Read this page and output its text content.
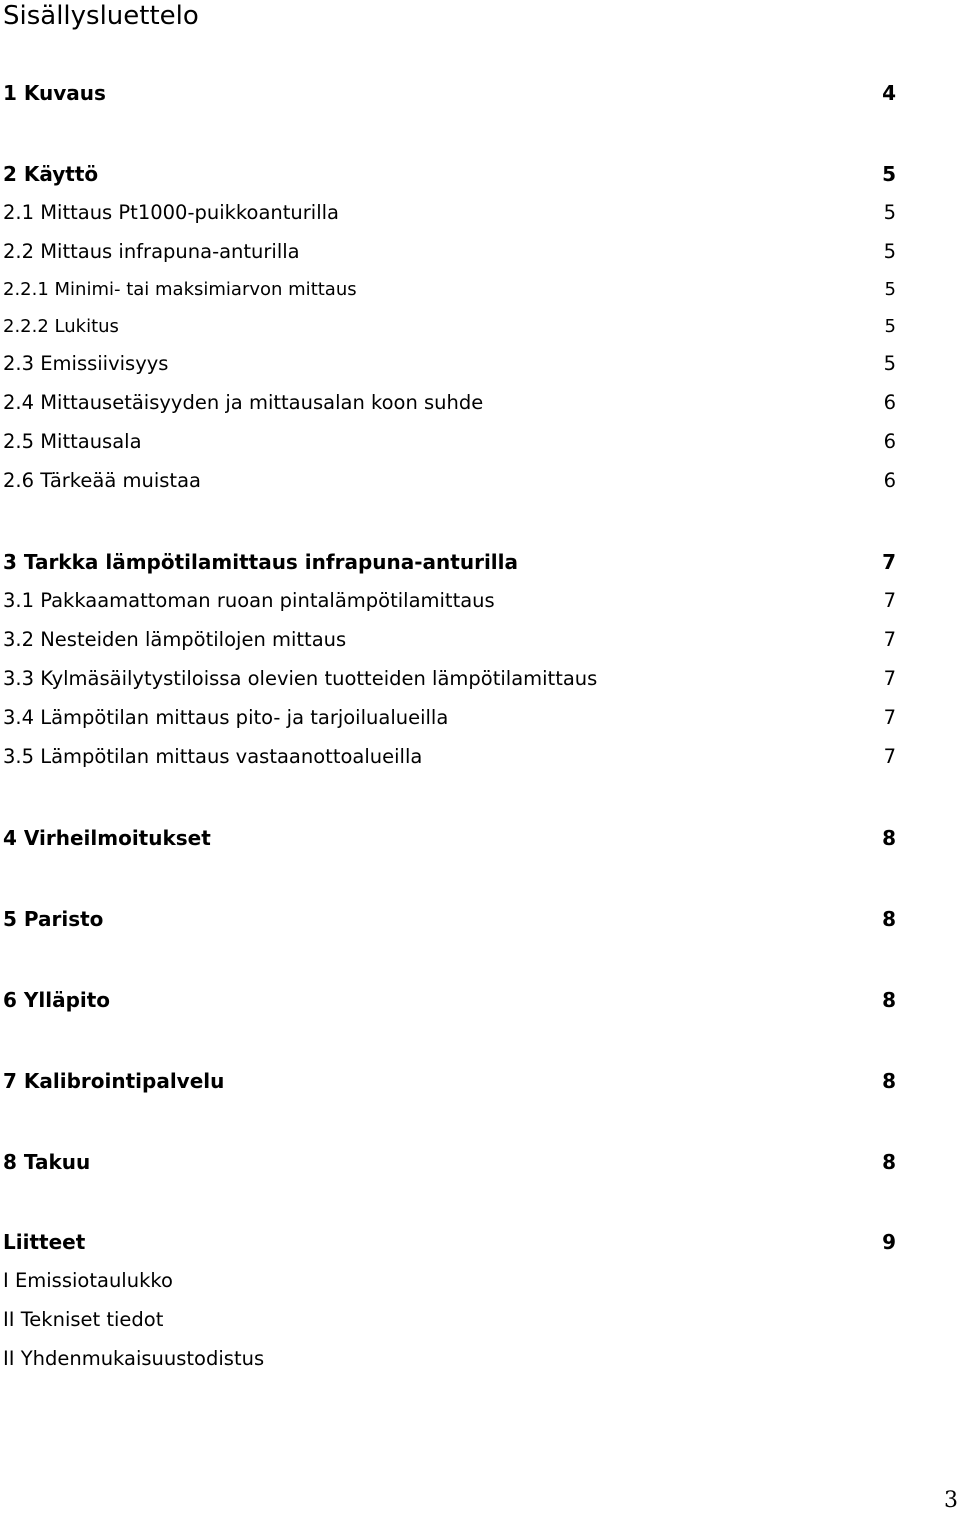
Sisällysluettelo
1 Kuvaus	4
2 Käyttö	5
2.1 Mittaus Pt1000-puikkoanturilla	5
2.2 Mittaus infrapuna-anturilla	5
2.2.1 Minimi- tai maksimiarvon mittaus	5
2.2.2 Lukitus	5
2.3 Emissiivisyys	5
2.4 Mittausetäisyyden ja mittausalan koon suhde	6
2.5 Mittausala	6
2.6 Tärkeää muistaa	6
3 Tarkka lämpötilamittaus infrapuna-anturilla	7
3.1 Pakkaamattoman ruoan pintalämpötilamittaus	7
3.2 Nesteiden lämpötilojen mittaus	7
3.3 Kylmäsäilytystiloissa olevien tuotteiden lämpötilamittaus	7
3.4 Lämpötilan mittaus pito- ja tarjoilualueilla	7
3.5 Lämpötilan mittaus vastaanottoalueilla	7
4 Virheilmoitukset	8
5 Paristo	8
6 Ylläpito	8
7 Kalibrointipalvelu	8
8 Takuu	8
Liitteet	9
I Emissiotaulukko
II Tekniset tiedot
II Yhdenmukaisuustodistus
3
